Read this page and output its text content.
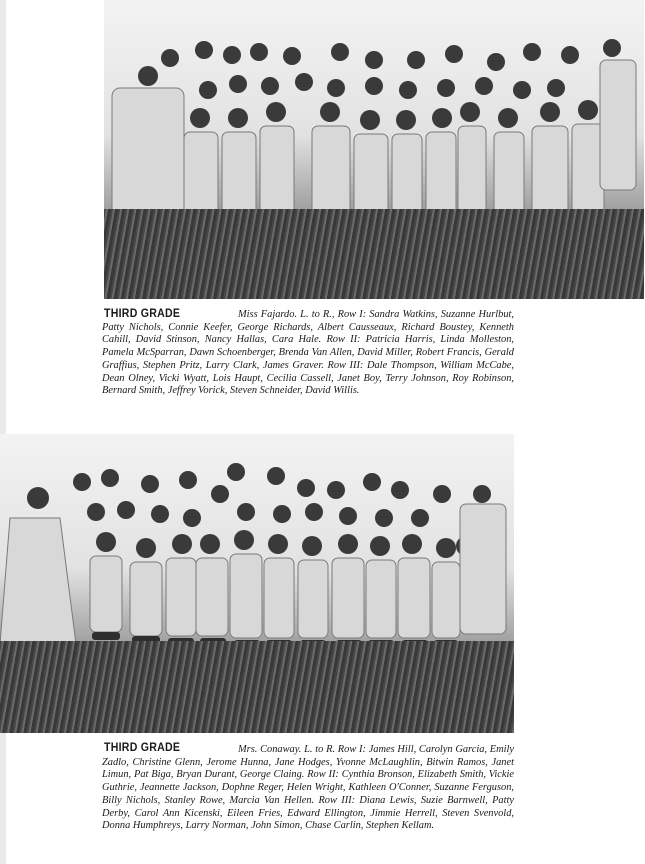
THIRD GRADE	Miss Fajardo. L. to R., Row I: Sandra Watkins, Suzanne Hurlbut, Patty Nichols, Connie Keefer, George Richards, Albert Causseaux, Richard Boustey, Kenneth Cahill, David Stinson, Nancy Hallas, Cara Hale. Row II: Patricia Harris, Linda Molleston, Pamela McSparran, Dawn Schoenberger, Brenda Van Allen, David Miller, Robert Francis, Gerald Graffius, Stephen Pritz, Larry Clark, James Graver. Row III: Dale Thompson, William McCabe, Dean Olney, Vicki Wyatt, Lois Haupt, Cecilia Cassell, Janet Boy, Terry Johnson, Roy Robinson, Bernard Smith, Jeffrey Vorick, Steven Schneider, David Willis.

THIRD GRADE	Mrs. Conaway. L. to R. Row I: James Hill, Carolyn Garcia, Emily Zadlo, Christine Glenn, Jerome Hunna, Jane Hodges, Yvonne McLaughlin, Bitwin Ramos, Janet Limun, Pat Biga, Bryan Durant, George Claing. Row II: Cynthia Bronson, Elizabeth Smith, Vickie Guthrie, Jeannette Jackson, Dophne Reger, Helen Wright, Kathleen O'Conner, Suzanne Ferguson, Billy Nichols, Stanley Rowe, Marcia Van Hellen. Row III: Diana Lewis, Suzie Barnwell, Patty Derby, Carol Ann Kicenski, Eileen Fries, Edward Ellington, Jimmie Herrell, Steven Svenvold, Donna Humphreys, Larry Norman, John Simon, Chase Carlin, Stephen Kellam.
